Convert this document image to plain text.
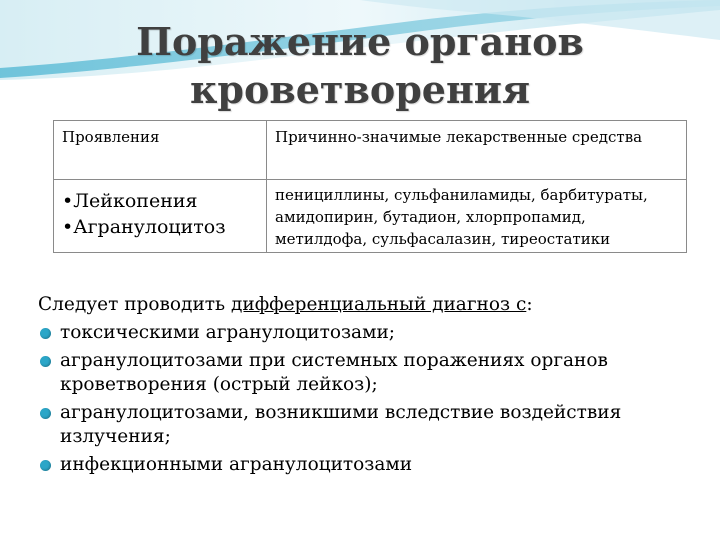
Поражение органов
кроветворения
Проявления	Причинно-значимые лекарственные средства

•Лейкопения
•Агранулоцитоз	пенициллины, сульфаниламиды, барбитураты, амидопирин, бутадион, хлорпропамид, метилдофа, сульфасалазин, тиреостатики

Следует проводить дифференциальный диагноз с:

токсическими агранулоцитозами;
агранулоцитозами при системных поражениях органов кроветворения (острый лейкоз);
агранулоцитозами, возникшими вследствие воздействия излучения;
инфекционными агранулоцитозами
